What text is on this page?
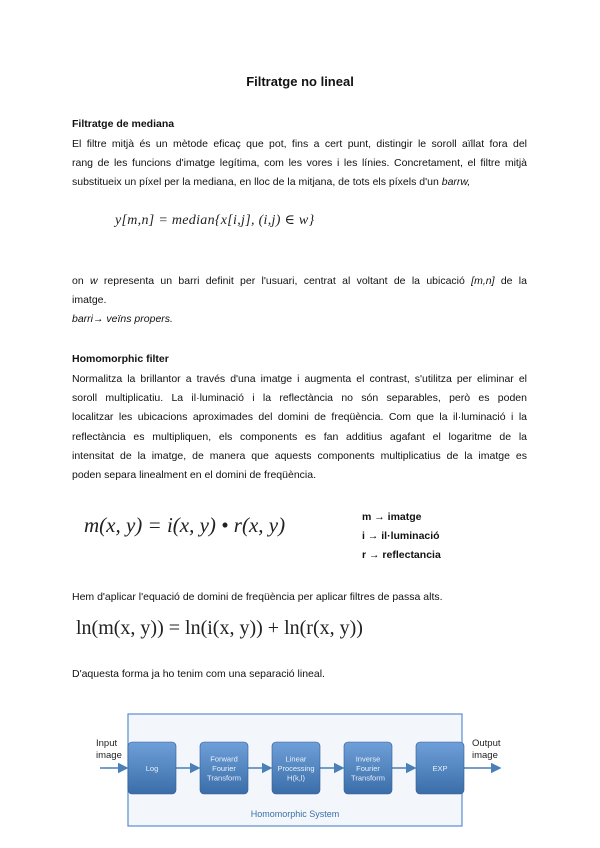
Filtratge no lineal
Filtratge de mediana
El filtre mitjà és un mètode eficaç que pot, fins a cert punt, distingir le soroll aïllat fora del
rang de les funcions d'imatge legítima, com les vores i les línies. Concretament, el filtre mitjà
substitueix un píxel per la mediana, en lloc de la mitjana, de tots els píxels d'un barrw,
y[m,n] = median{x[i,j], (i,j) ∈ w}
on w representa un barri definit per l'usuari, centrat al voltant de la ubicació [m,n] de la
imatge.
barri→ veïns propers.
Homomorphic filter
Normalitza la brillantor a través d'una imatge i augmenta el contrast, s'utilitza per eliminar el
soroll multiplicatiu. La il·luminació i la reflectància no són separables, però es poden
localitzar les ubicacions aproximades del domini de freqüència. Com que la il·luminació i la
reflectància es multipliquen, els components es fan additius agafant el logaritme de la
intensitat de la imatge, de manera que aquests components multiplicatius de la imatge es
poden separa linealment en el domini de freqüència.
m(x, y) = i(x, y) • r(x, y)	m → imatge
i → il·luminació
r → reflectancia
Hem d'aplicar l'equació de domini de freqüència per aplicar filtres de passa alts.
ln(m(x, y)) = ln(i(x, y)) + ln(r(x, y))
D'aquesta forma ja ho tenim com una separació lineal.
Input
image
Output
image
Log
Forward
Fourier
Transform
Linear
Processing
H(k,l)
Inverse
Fourier
Transform
EXP
Homomorphic System
